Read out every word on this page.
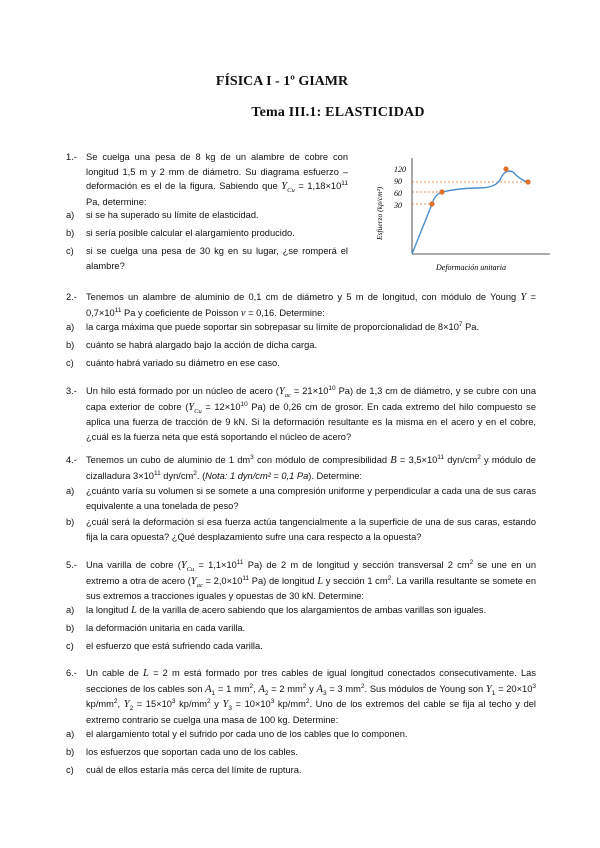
FÍSICA I - 1º GIAMR
Tema III.1: ELASTICIDAD
120
90
60
30
Esfuerzo (kp/cm²)
Deformación unitaria
1.- Se cuelga una pesa de 8 kg de un alambre de cobre con longitud 1,5 m y 2 mm de diámetro. Su diagrama esfuerzo – deformación es el de la figura. Sabiendo que $Y_{Cu} = 1,18\times 10^{11}$ Pa, determine:
a) si se ha superado su límite de elasticidad.
b) si sería posible calcular el alargamiento producido.
c) si se cuelga una pesa de 30 kg en su lugar, ¿se romperá el alambre?
2.- Tenemos un alambre de aluminio de 0,1 cm de diámetro y 5 m de longitud, con módulo de Young $Y = 0,7\times 10^{11}$ Pa y coeficiente de Poisson ν = 0,16. Determine:
a) la carga máxima que puede soportar sin sobrepasar su límite de proporcionalidad de $8\times 10^7$ Pa.
b) cuánto se habrá alargado bajo la acción de dicha carga.
c) cuánto habrá variado su diámetro en ese caso.
3.- Un hilo está formado por un núcleo de acero ($Y_{ac} = 21\times 10^{10}$ Pa) de 1,3 cm de diámetro, y se cubre con una capa exterior de cobre ($Y_{Cu} = 12\times 10^{10}$ Pa) de 0,26 cm de grosor. En cada extremo del hilo compuesto se aplica una fuerza de tracción de 9 kN. Si la deformación resultante es la misma en el acero y en el cobre, ¿cuál es la fuerza neta que está soportando el núcleo de acero?
4.- Tenemos un cubo de aluminio de 1 $dm^3$ con módulo de compresibilidad $B = 3,5\times 10^{11}$ dyn/$cm^2$ y módulo de cizalladura $3\times 10^{11}$ dyn/$cm^2$. (Nota: 1 dyn/cm² = 0,1 Pa). Determine:
a) ¿cuánto varía su volumen si se somete a una compresión uniforme y perpendicular a cada una de sus caras equivalente a una tonelada de peso?
b) ¿cuál será la deformación si esa fuerza actúa tangencialmente a la superficie de una de sus caras, estando fija la cara opuesta? ¿Qué desplazamiento sufre una cara respecto a la opuesta?
5.- Una varilla de cobre ($Y_{Cu} = 1,1\times 10^{11}$ Pa) de 2 m de longitud y sección transversal 2 $cm^2$ se une en un extremo a otra de acero ($Y_{ac} = 2,0\times 10^{11}$ Pa) de longitud L y sección 1 $cm^2$. La varilla resultante se somete en sus extremos a tracciones iguales y opuestas de 30 kN. Determine:
a) la longitud L de la varilla de acero sabiendo que los alargamientos de ambas varillas son iguales.
b) la deformación unitaria en cada varilla.
c) el esfuerzo que está sufriendo cada varilla.
6.- Un cable de L = 2 m está formado por tres cables de igual longitud conectados consecutivamente. Las secciones de los cables son $A_1 = 1$ $mm^2$, $A_2 = 2$ $mm^2$ y $A_3 = 3$ $mm^2$. Sus módulos de Young son $Y_1 = 20\times 10^3$ $kp/mm^2$, $Y_2 = 15\times 10^3$ $kp/mm^2$ y $Y_3 = 10\times 10^3$ $kp/mm^2$. Uno de los extremos del cable se fija al techo y del extremo contrario se cuelga una masa de 100 kg. Determine:
a) el alargamiento total y el sufrido por cada uno de los cables que lo componen.
b) los esfuerzos que soportan cada uno de los cables.
c) cuál de ellos estaría más cerca del límite de ruptura.
